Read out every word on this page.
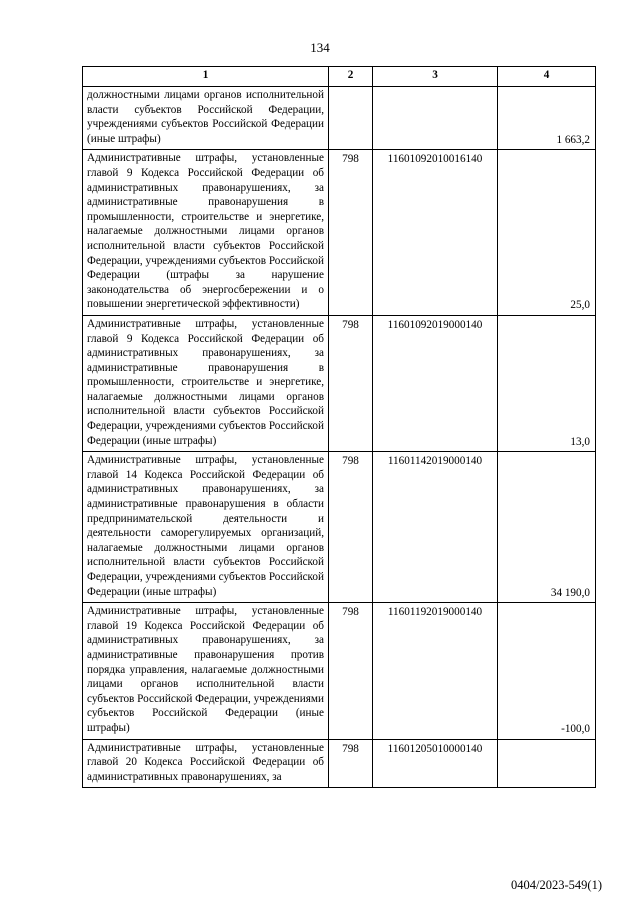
134
1	2	3	4
должностными лицами органов исполнительной власти субъектов Российской Федерации, учреждениями субъектов Российской Федерации (иные штрафы)			1 663,2

Административные штрафы, установленные главой 9 Кодекса Российской Федерации об административных правонарушениях, за административные правонарушения в промышленности, строительстве и энергетике, налагаемые должностными лицами органов исполнительной власти субъектов Российской Федерации, учреждениями субъектов Российской Федерации (штрафы за нарушение законодательства об энергосбережении и о повышении энергетической эффективности)	798	11601092010016140	25,0

Административные штрафы, установленные главой 9 Кодекса Российской Федерации об административных правонарушениях, за административные правонарушения в промышленности, строительстве и энергетике, налагаемые должностными лицами органов исполнительной власти субъектов Российской Федерации, учреждениями субъектов Российской Федерации (иные штрафы)	798	11601092019000140	13,0

Административные штрафы, установленные главой 14 Кодекса Российской Федерации об административных правонарушениях, за административные правонарушения в области предпринимательской деятельности и деятельности саморегулируемых организаций, налагаемые должностными лицами органов исполнительной власти субъектов Российской Федерации, учреждениями субъектов Российской Федерации (иные штрафы)	798	11601142019000140	34 190,0

Административные штрафы, установленные главой 19 Кодекса Российской Федерации об административных правонарушениях, за административные правонарушения против порядка управления, налагаемые должностными лицами органов исполнительной власти субъектов Российской Федерации, учреждениями субъектов Российской Федерации (иные штрафы)	798	11601192019000140	-100,0

Административные штрафы, установленные главой 20 Кодекса Российской Федерации об административных правонарушениях, за	798	11601205010000140	
0404/2023-549(1)
